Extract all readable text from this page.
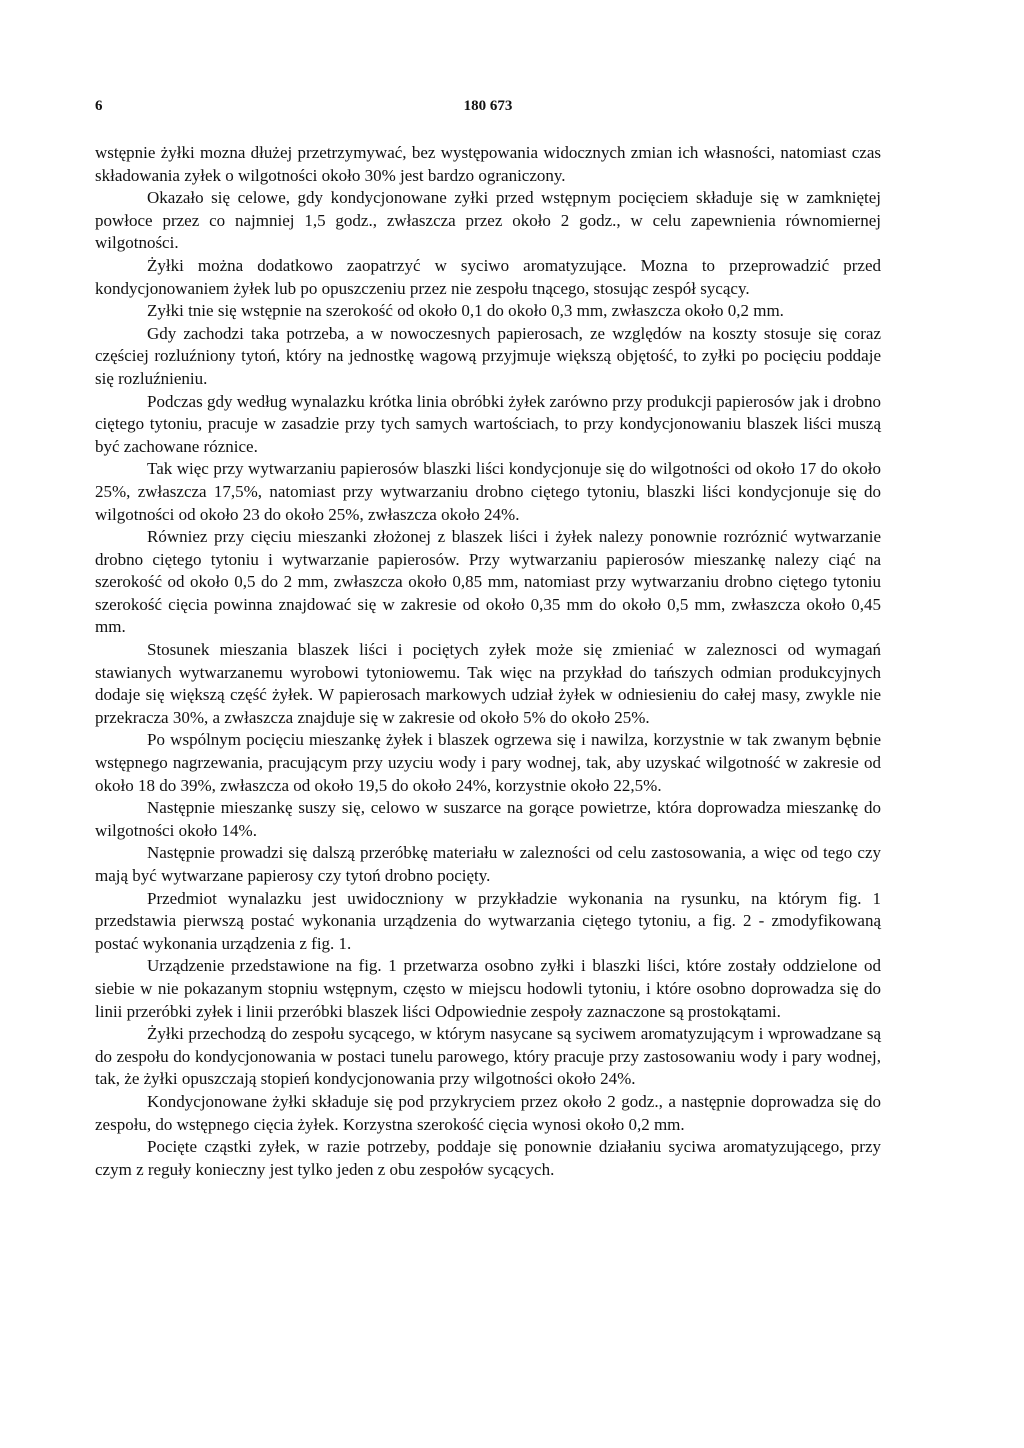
6	180 673

wstępnie żyłki mozna dłużej przetrzymywać, bez występowania widocznych zmian ich własności, natomiast czas składowania zyłek o wilgotności około 30% jest bardzo ograniczony.

Okazało się celowe, gdy kondycjonowane zyłki przed wstępnym pocięciem składuje się w zamkniętej powłoce przez co najmniej 1,5 godz., zwłaszcza przez około 2 godz., w celu zapewnienia równomiernej wilgotności.

Żyłki można dodatkowo zaopatrzyć w syciwo aromatyzujące. Mozna to przeprowadzić przed kondycjonowaniem żyłek lub po opuszczeniu przez nie zespołu tnącego, stosując zespół sycący.

Zyłki tnie się wstępnie na szerokość od około 0,1 do około 0,3 mm, zwłaszcza około 0,2 mm.

Gdy zachodzi taka potrzeba, a w nowoczesnych papierosach, ze względów na koszty stosuje się coraz częściej rozluźniony tytoń, który na jednostkę wagową przyjmuje większą objętość, to zyłki po pocięciu poddaje się rozluźnieniu.

Podczas gdy według wynalazku krótka linia obróbki żyłek zarówno przy produkcji papierosów jak i drobno ciętego tytoniu, pracuje w zasadzie przy tych samych wartościach, to przy kondycjonowaniu blaszek liści muszą być zachowane róznice.

Tak więc przy wytwarzaniu papierosów blaszki liści kondycjonuje się do wilgotności od około 17 do około 25%, zwłaszcza 17,5%, natomiast przy wytwarzaniu drobno ciętego tytoniu, blaszki liści kondycjonuje się do wilgotności od około 23 do około 25%, zwłaszcza około 24%.

Równiez przy cięciu mieszanki złożonej z blaszek liści i żyłek nalezy ponownie rozróznić wytwarzanie drobno ciętego tytoniu i wytwarzanie papierosów. Przy wytwarzaniu papierosów mieszankę nalezy ciąć na szerokość od około 0,5 do 2 mm, zwłaszcza około 0,85 mm, natomiast przy wytwarzaniu drobno ciętego tytoniu szerokość cięcia powinna znajdować się w zakresie od około 0,35 mm do około 0,5 mm, zwłaszcza około 0,45 mm.

Stosunek mieszania blaszek liści i pociętych zyłek może się zmieniać w zaleznosci od wymagań stawianych wytwarzanemu wyrobowi tytoniowemu. Tak więc na przykład do tańszych odmian produkcyjnych dodaje się większą część żyłek. W papierosach markowych udział żyłek w odniesieniu do całej masy, zwykle nie przekracza 30%, a zwłaszcza znajduje się w zakresie od około 5% do około 25%.

Po wspólnym pocięciu mieszankę żyłek i blaszek ogrzewa się i nawilza, korzystnie w tak zwanym bębnie wstępnego nagrzewania, pracującym przy uzyciu wody i pary wodnej, tak, aby uzyskać wilgotność w zakresie od około 18 do 39%, zwłaszcza od około 19,5 do około 24%, korzystnie około 22,5%.

Następnie mieszankę suszy się, celowo w suszarce na gorące powietrze, która doprowadza mieszankę do wilgotności około 14%.

Następnie prowadzi się dalszą przeróbkę materiału w zalezności od celu zastosowania, a więc od tego czy mają być wytwarzane papierosy czy tytoń drobno pocięty.

Przedmiot wynalazku jest uwidoczniony w przykładzie wykonania na rysunku, na którym fig. 1 przedstawia pierwszą postać wykonania urządzenia do wytwarzania ciętego tytoniu, a fig. 2 - zmodyfikowaną postać wykonania urządzenia z fig. 1.

Urządzenie przedstawione na fig. 1 przetwarza osobno zyłki i blaszki liści, które zostały oddzielone od siebie w nie pokazanym stopniu wstępnym, często w miejscu hodowli tytoniu, i które osobno doprowadza się do linii przeróbki zyłek i linii przeróbki blaszek liści Odpowiednie zespoły zaznaczone są prostokątami.

Żyłki przechodzą do zespołu sycącego, w którym nasycane są syciwem aromatyzującym i wprowadzane są do zespołu do kondycjonowania w postaci tunelu parowego, który pracuje przy zastosowaniu wody i pary wodnej, tak, że żyłki opuszczają stopień kondycjonowania przy wilgotności około 24%.

Kondycjonowane żyłki składuje się pod przykryciem przez około 2 godz., a następnie doprowadza się do zespołu, do wstępnego cięcia żyłek. Korzystna szerokość cięcia wynosi około 0,2 mm.

Pocięte cząstki zyłek, w razie potrzeby, poddaje się ponownie działaniu syciwa aromatyzującego, przy czym z reguły konieczny jest tylko jeden z obu zespołów sycących.
